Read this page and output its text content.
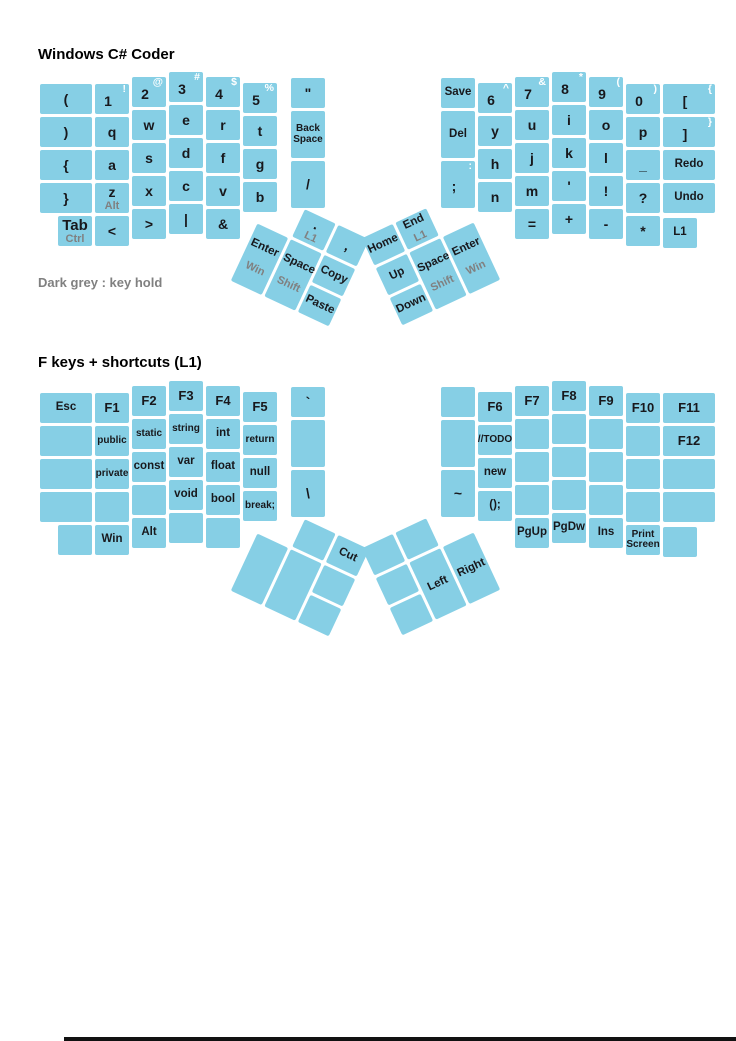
Windows C# Coder
(
)
{
}
1
!
q
a
z
Alt
<
2
@
w
s
x
>
3
#
e
d
c
|
4
$
r
f
v
&
5
%
t
g
b
"
Back Space
/
Tab
Ctrl
Save
Del
;
:
6
^
y
h
n
7
&
u
j
m
=
8
*
i
k
'
+
9
(
o
l
!
-
0
)
p
_
?
*
[
{
]
}
Redo
Undo
L1
.
L1
,
Enter
Win	Space
Shift	Copy
Paste
Home
End
L1
Up
Down
Space
Shift
Enter
Win
Dark grey : key hold
F keys + shortcuts (L1)
Esc F1
public
private
Win
F2
static
const
Alt
F3
string
var
void
F4
int
float
bool
F5
return
null
break;
`
\	~
F6
//TODO
new
();
F7
PgUp
F8
PgDw
F9
Ins
F10
Print Screen
F11
F12
Cut
Left
Right
